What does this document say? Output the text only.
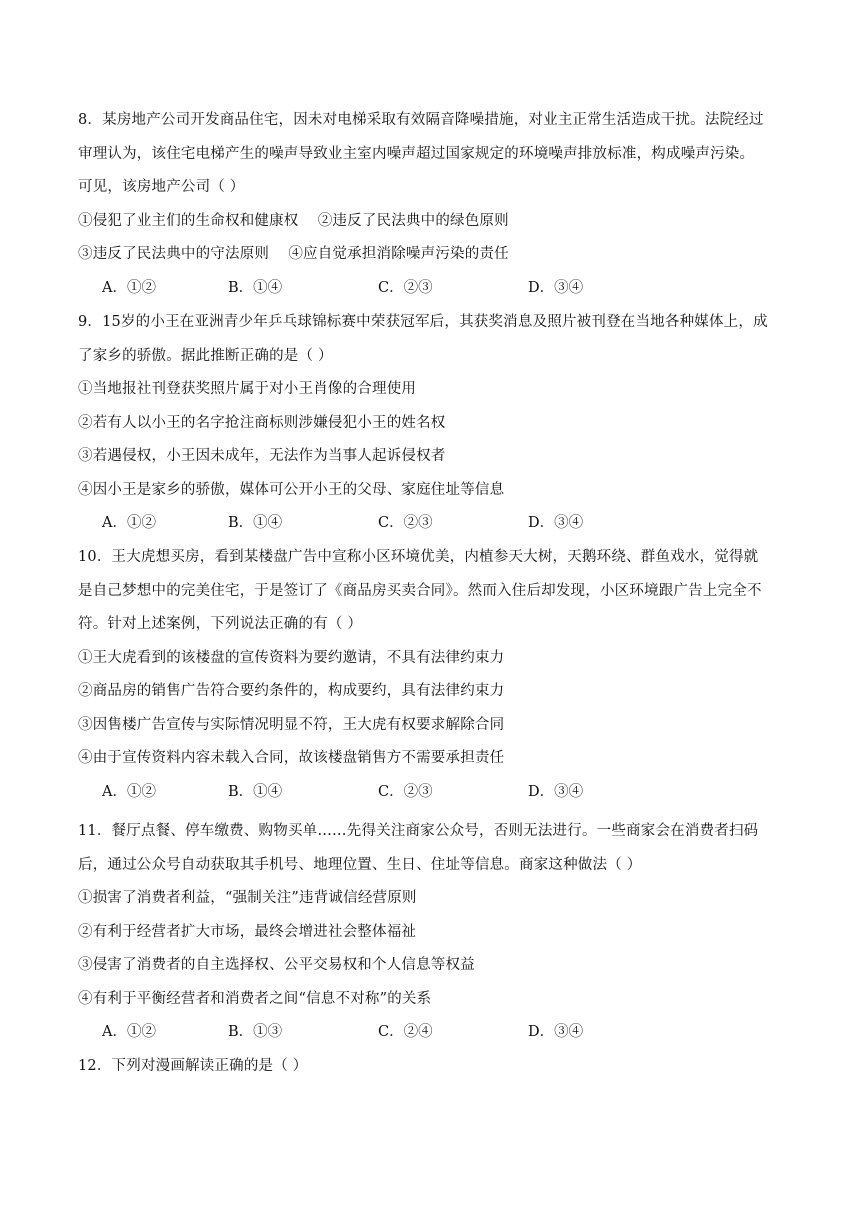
8．某房地产公司开发商品住宅，因未对电梯采取有效隔音降噪措施，对业主正常生活造成干扰。法院经过
审理认为，该住宅电梯产生的噪声导致业主室内噪声超过国家规定的环境噪声排放标准，构成噪声污染。
可见，该房地产公司（ ）
①侵犯了业主们的生命权和健康权    ②违反了民法典中的绿色原则
③违反了民法典中的守法原则    ④应自觉承担消除噪声污染的责任
A．①②	B．①④	C．②③	D．③④
9．15岁的小王在亚洲青少年乒乓球锦标赛中荣获冠军后，其获奖消息及照片被刊登在当地各种媒体上，成
了家乡的骄傲。据此推断正确的是（ ）
①当地报社刊登获奖照片属于对小王肖像的合理使用
②若有人以小王的名字抢注商标则涉嫌侵犯小王的姓名权
③若遇侵权，小王因未成年，无法作为当事人起诉侵权者
④因小王是家乡的骄傲，媒体可公开小王的父母、家庭住址等信息
A．①②	B．①④	C．②③	D．③④
10．王大虎想买房，看到某楼盘广告中宣称小区环境优美，内植参天大树，天鹅环绕、群鱼戏水，觉得就
是自己梦想中的完美住宅，于是签订了《商品房买卖合同》。然而入住后却发现，小区环境跟广告上完全不
符。针对上述案例，下列说法正确的有（ ）
①王大虎看到的该楼盘的宣传资料为要约邀请，不具有法律约束力
②商品房的销售广告符合要约条件的，构成要约，具有法律约束力
③因售楼广告宣传与实际情况明显不符，王大虎有权要求解除合同
④由于宣传资料内容未载入合同，故该楼盘销售方不需要承担责任
A．①②	B．①④	C．②③	D．③④
11．餐厅点餐、停车缴费、购物买单……先得关注商家公众号，否则无法进行。一些商家会在消费者扫码
后，通过公众号自动获取其手机号、地理位置、生日、住址等信息。商家这种做法（ ）
①损害了消费者利益，“强制关注”违背诚信经营原则
②有利于经营者扩大市场，最终会增进社会整体福祉
③侵害了消费者的自主选择权、公平交易权和个人信息等权益
④有利于平衡经营者和消费者之间“信息不对称”的关系
A．①②	B．①③	C．②④	D．③④
12．下列对漫画解读正确的是（ ）
